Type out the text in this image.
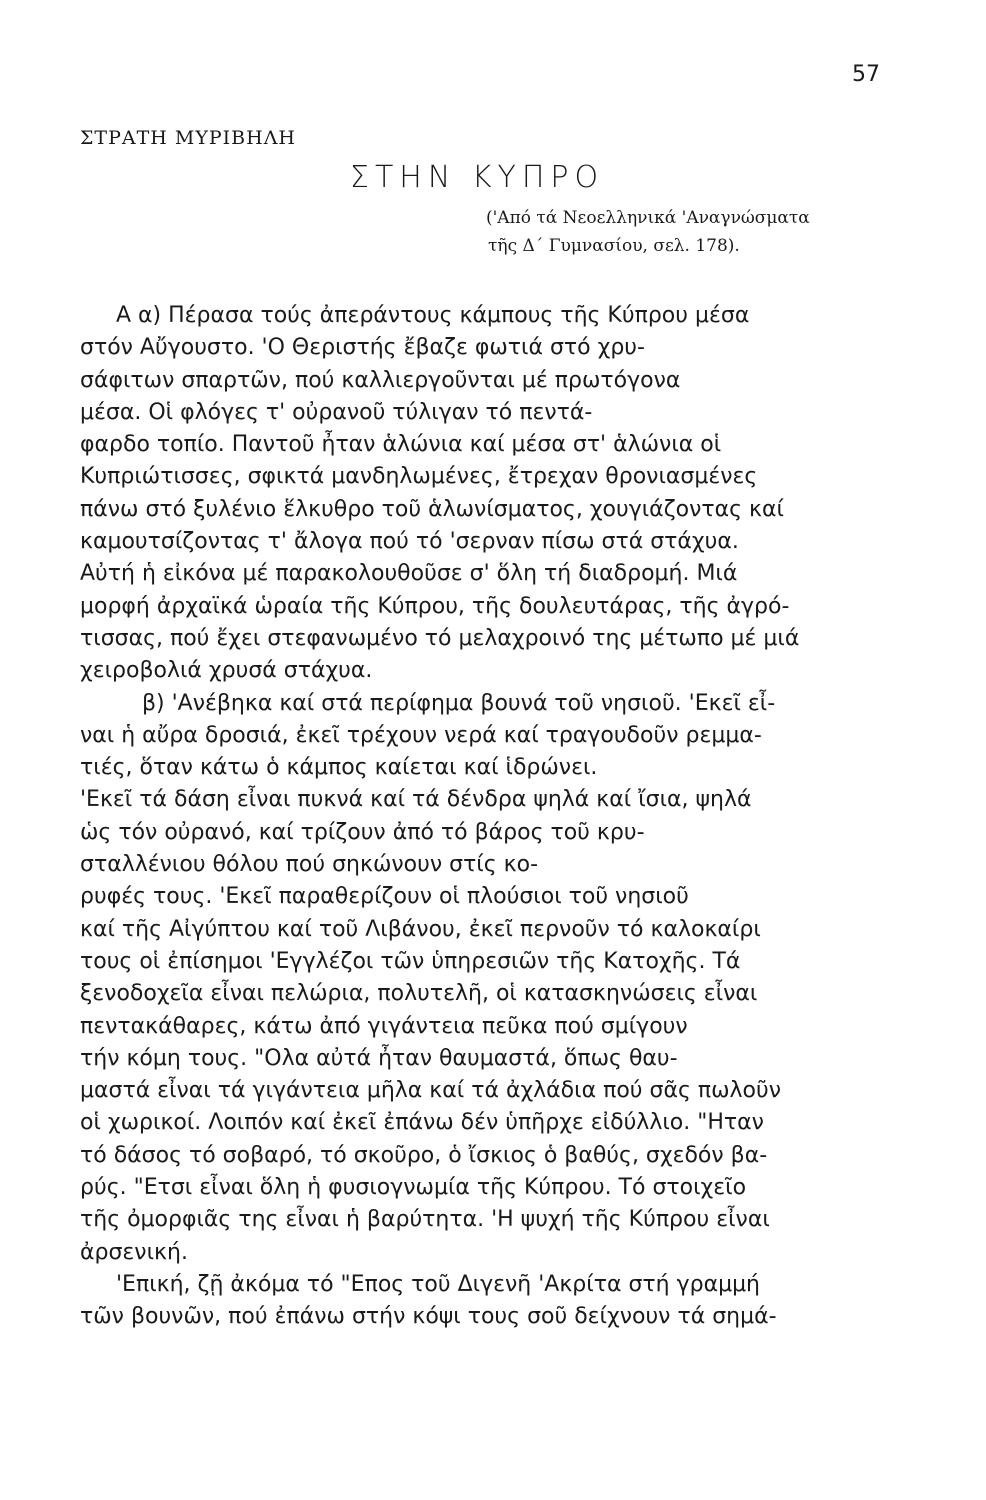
57
ΣΤΡΑΤΗ ΜΥΡΙΒΗΛΗ
ΣΤΗΝ ΚΥΠΡΟ
('Από τά Νεοελληνικά 'Αναγνώσματα
τῆς Δ΄ Γυμνασίου, σελ. 178).
Α α) Πέρασα τούς ἀπεράντους κάμπους τῆς Κύπρου μέσα
στόν Αὔγουστο. 'Ο Θεριστής ἔβαζε φωτιά στό χρυ-
σάφιτων σπαρτῶν, πού καλλιεργοῦνται μέ πρωτόγονα
μέσα. Οἱ φλόγες τ' οὐρανοῦ τύλιγαν τό πεντά-
φαρδο τοπίο. Παντοῦ ἦταν ἁλώνια καί μέσα στ' ἁλώνια οἱ
Κυπριώτισσες, σφικτά μανδηλωμένες, ἔτρεχαν θρονιασμένες
πάνω στό ξυλένιο ἕλκυθρο τοῦ ἁλωνίσματος, χουγιάζοντας καί
καμουτσίζοντας τ' ἄλογα πού τό 'σερναν πίσω στά στάχυα.
Αὐτή ἡ εἰκόνα μέ παρακολουθοῦσε σ' ὅλη τή διαδρομή. Μιά
μορφή ἀρχαϊκά ὡραία τῆς Κύπρου, τῆς δουλευτάρας, τῆς ἀγρό-
τισσας, πού ἔχει στεφανωμένο τό μελαχροινό της μέτωπο μέ μιά
χειροβολιά χρυσά στάχυα.
β) 'Ανέβηκα καί στά περίφημα βουνά τοῦ νησιοῦ. 'Εκεῖ εἶ-
ναι ἡ αὔρα δροσιά, ἐκεῖ τρέχουν νερά καί τραγουδοῦν ρεμμα-
τιές, ὅταν κάτω ὁ κάμπος καίεται καί ἱδρώνει.
'Εκεῖ τά δάση εἶναι πυκνά καί τά δένδρα ψηλά καί ἴσια, ψηλά
ὡς τόν οὐρανό, καί τρίζουν ἀπό τό βάρος τοῦ κρυ-
σταλλένιου θόλου πού σηκώνουν στίς κο-
ρυφές τους. 'Εκεῖ παραθερίζουν οἱ πλούσιοι τοῦ νησιοῦ
καί τῆς Αἰγύπτου καί τοῦ Λιβάνου, ἐκεῖ περνοῦν τό καλοκαίρι
τους οἱ ἐπίσημοι 'Εγγλέζοι τῶν ὑπηρεσιῶν τῆς Κατοχῆς. Τά
ξενοδοχεῖα εἶναι πελώρια, πολυτελῆ, οἱ κατασκηνώσεις εἶναι
πεντακάθαρες, κάτω ἀπό γιγάντεια πεῦκα πού σμίγουν
τήν κόμη τους. "Ολα αὐτά ἦταν θαυμαστά, ὅπως θαυ-
μαστά εἶναι τά γιγάντεια μῆλα καί τά ἀχλάδια πού σᾶς πωλοῦν
οἱ χωρικοί. Λοιπόν καί ἐκεῖ ἐπάνω δέν ὑπῆρχε εἰδύλλιο. "Ηταν
τό δάσος τό σοβαρό, τό σκοῦρο, ὁ ἴσκιος ὁ βαθύς, σχεδόν βα-
ρύς. "Ετσι εἶναι ὅλη ἡ φυσιογνωμία τῆς Κύπρου. Τό στοιχεῖο
τῆς ὀμορφιᾶς της εἶναι ἡ βαρύτητα. 'Η ψυχή τῆς Κύπρου εἶναι
ἀρσενική.
'Επική, ζῇ ἀκόμα τό "Επος τοῦ Διγενῆ 'Ακρίτα στή γραμμή
τῶν βουνῶν, πού ἐπάνω στήν κόψι τους σοῦ δείχνουν τά σημά-
